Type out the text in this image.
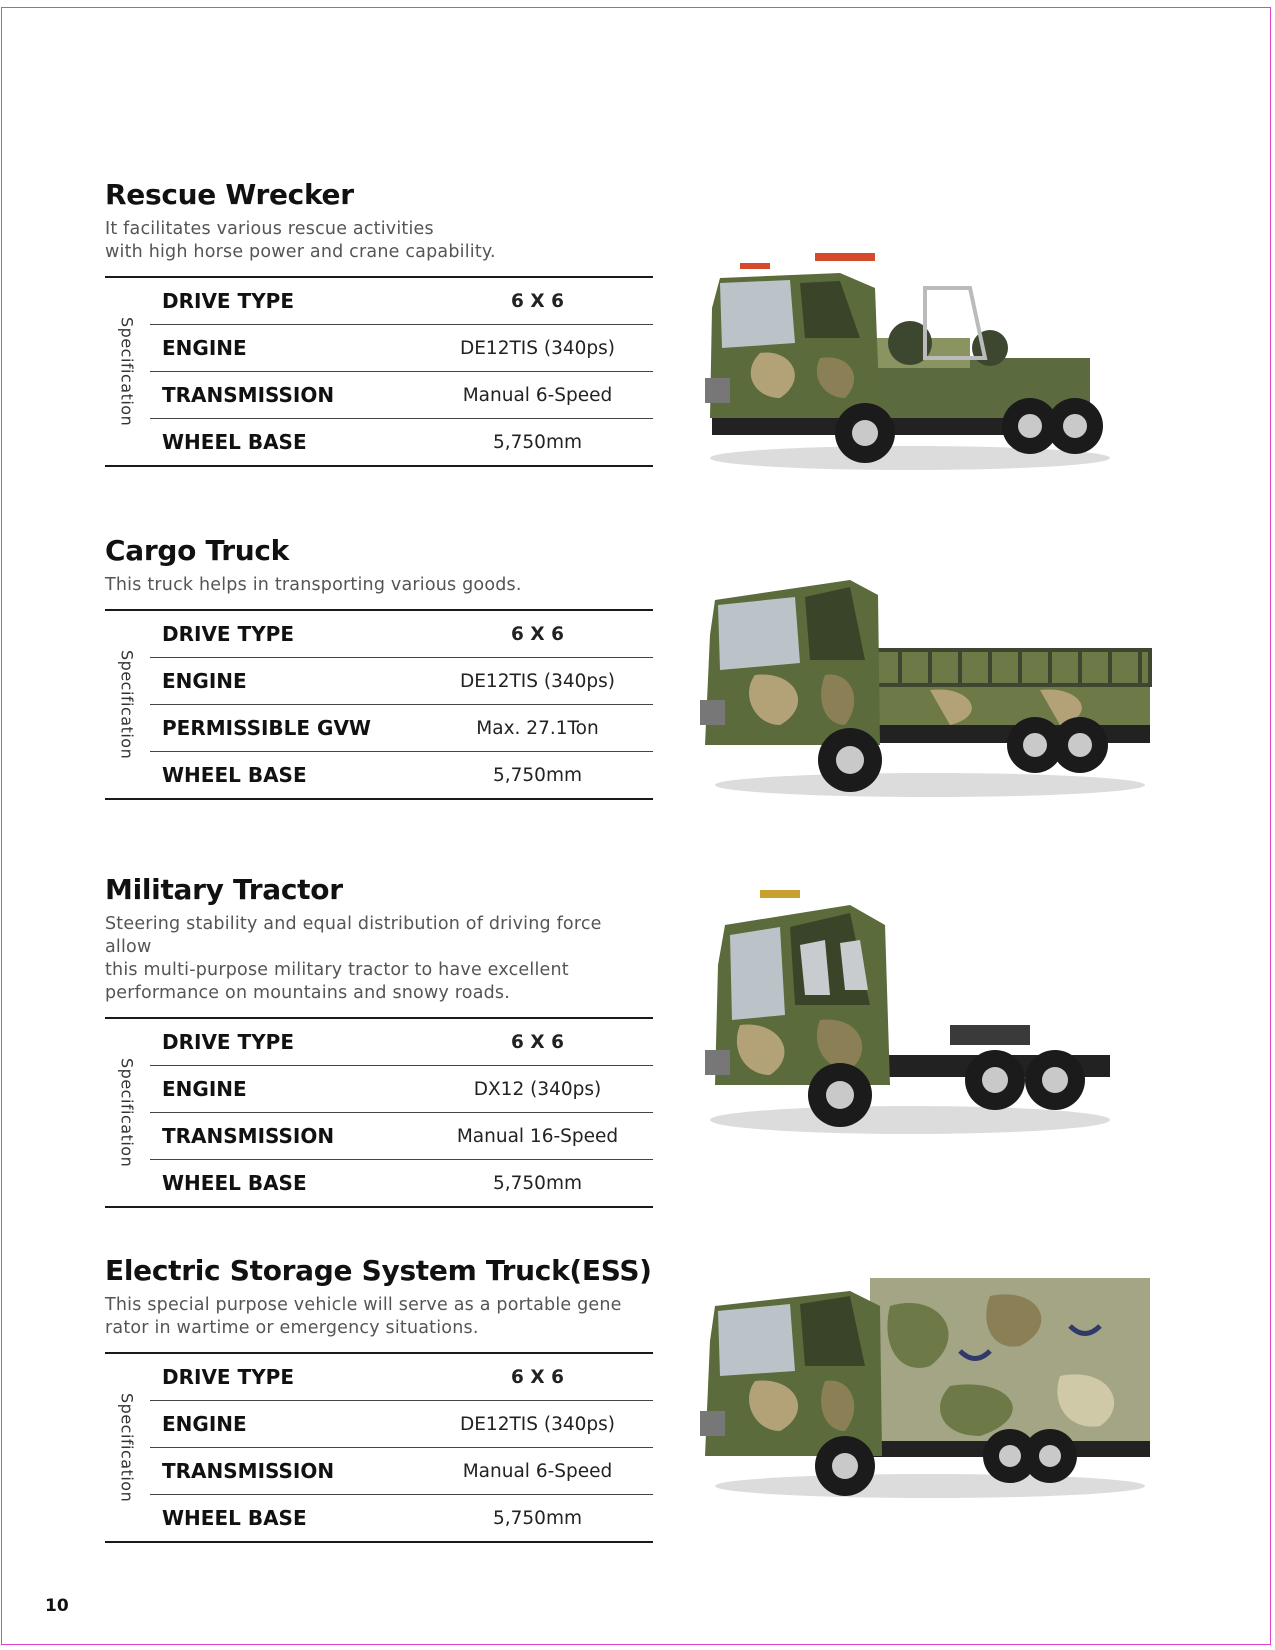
Rescue Wrecker
It facilitates various rescue activities
with high horse power and crane capability.
Specification
DRIVE TYPE	6 X 6
ENGINE	DE12TIS (340ps)
TRANSMISSION	Manual 6-Speed
WHEEL BASE	5,750mm
Cargo Truck
This truck helps in transporting various goods.
Specification
DRIVE TYPE	6 X 6
ENGINE	DE12TIS (340ps)
PERMISSIBLE GVW	Max. 27.1Ton
WHEEL BASE	5,750mm
Military Tractor
Steering stability and equal distribution of driving force allow
this multi-purpose military tractor to have excellent
performance on mountains and snowy roads.
Specification
DRIVE TYPE	6 X 6
ENGINE	DX12 (340ps)
TRANSMISSION	Manual 16-Speed
WHEEL BASE	5,750mm
Electric Storage System Truck(ESS)
This special purpose vehicle will serve as a portable gene
rator in wartime or emergency situations.
Specification
DRIVE TYPE	6 X 6
ENGINE	DE12TIS (340ps)
TRANSMISSION	Manual 6-Speed
WHEEL BASE	5,750mm
10
